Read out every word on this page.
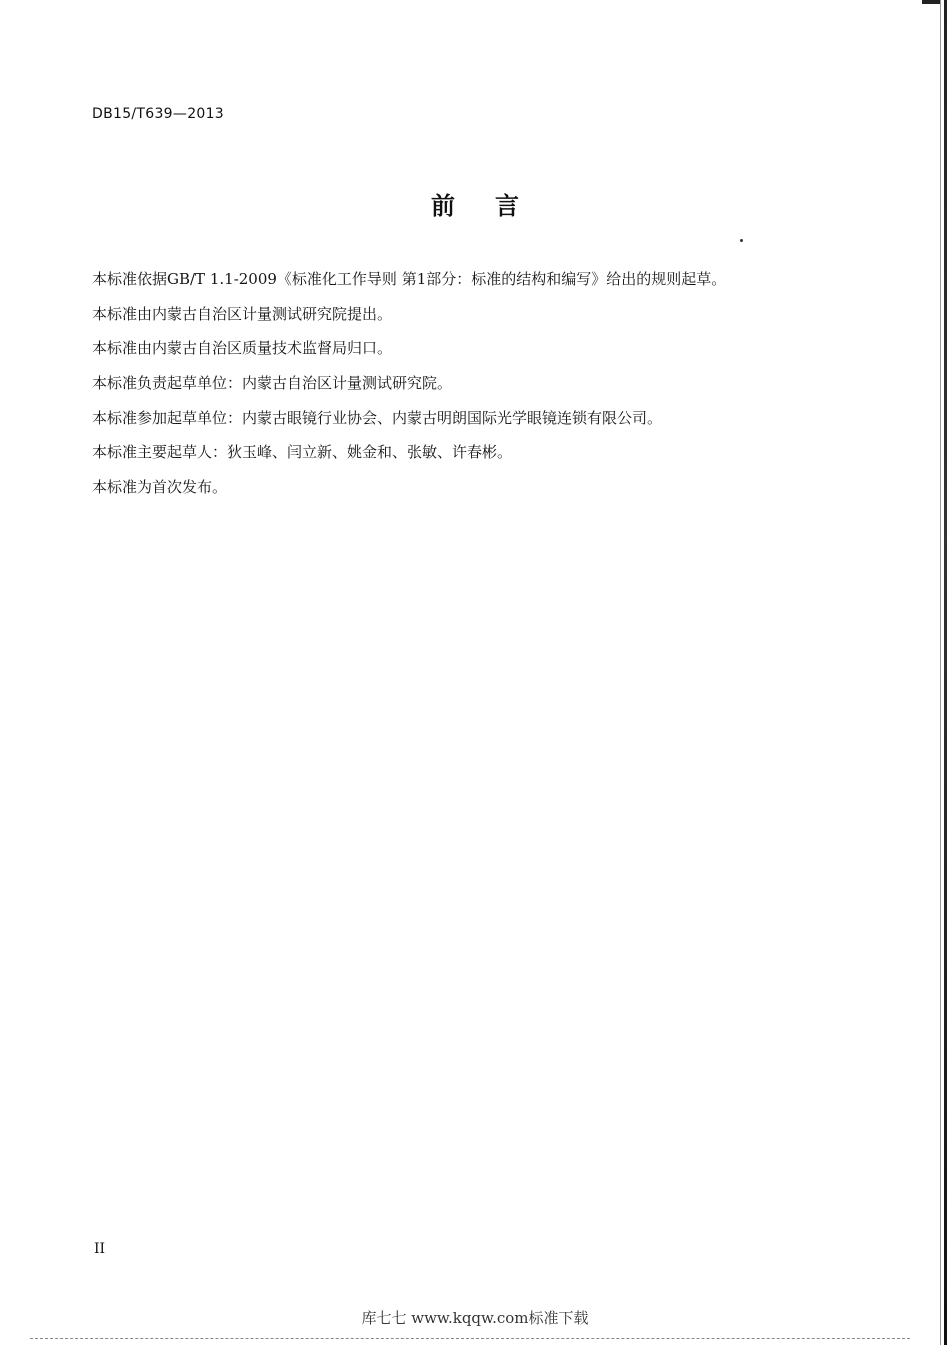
DB15/T639—2013
前 言
本标准依据GB/T 1.1-2009《标准化工作导则 第1部分：标准的结构和编写》给出的规则起草。
本标准由内蒙古自治区计量测试研究院提出。
本标准由内蒙古自治区质量技术监督局归口。
本标准负责起草单位：内蒙古自治区计量测试研究院。
本标准参加起草单位：内蒙古眼镜行业协会、内蒙古明朗国际光学眼镜连锁有限公司。
本标准主要起草人：狄玉峰、闫立新、姚金和、张敏、许春彬。
本标准为首次发布。
II
库七七 www.kqqw.com标准下载
